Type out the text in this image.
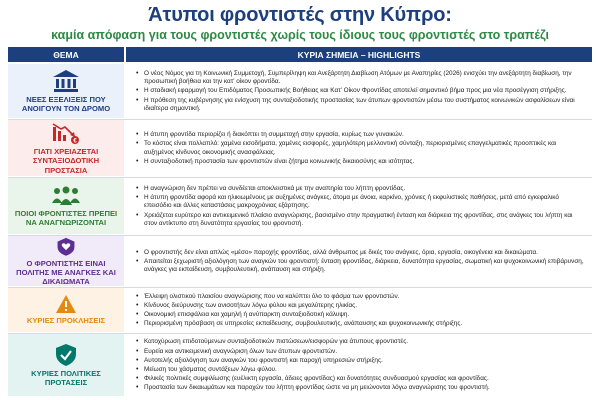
Άτυποι φροντιστές στην Κύπρο:
καμία απόφαση για τους φροντιστές χωρίς τους ίδιους τους φροντιστές στο τραπέζι
ΘΕΜΑ	ΚΥΡΙΑ ΣΗΜΕΙΑ – HIGHLIGHTS
ΝΕΕΣ ΕΞΕΛΙΞΕΙΣ ΠΟΥ ΑΝΟΙΓΟΥΝ ΤΟΝ ΔΡΟΜΟ
• Ο νέος Νόμος για τη Κοινωνική Συμμετοχή, Συμπερίληψη και Ανεξάρτητη Διαβίωση Ατόμων με Αναπηρίες (2026) ενισχύει την ανεξάρτητη διαβίωση, την προσωπική βοήθεια και την κατ' οίκον φροντίδα.
• Η σταδιακή εφαρμογή του Επιδόματος Προσωπικής Βοήθειας και Κατ' Οίκον Φροντίδας αποτελεί σημαντικό βήμα προς μια νέα προσέγγιση στήριξης.
• Η πρόθεση της κυβέρνησης για ενίσχυση της συνταξιοδοτικής προστασίας των άτυπων φροντιστών μέσω του συστήματος κοινωνικών ασφαλίσεων είναι ιδιαίτερα σημαντική.
€
ΓΙΑΤΙ ΧΡΕΙΑΖΕΤΑΙ ΣΥΝΤΑΞΙΟΔΟΤΙΚΗ ΠΡΟΣΤΑΣΙΑ
• Η άτυπη φροντίδα περιορίζει ή διακόπτει τη συμμετοχή στην εργασία, κυρίως των γυναικών.
• Το κόστος είναι πολλαπλό: χαμένα εισοδήματα, χαμένες εισφορές, χαμηλότερη μελλοντική σύνταξη, περιορισμένες επαγγελματικές προοπτικές και αυξημένος κίνδυνος οικονομικής ανασφάλειας.
• Η συνταξιοδοτική προστασία των φροντιστών είναι ζήτημα κοινωνικής δικαιοσύνης και ισότητας.
ΠΟΙΟΙ ΦΡΟΝΤΙΣΤΕΣ ΠΡΕΠΕΙ ΝΑ ΑΝΑΓΝΩΡΙΖΟΝΤΑΙ
• Η αναγνώριση δεν πρέπει να συνδέεται αποκλειστικά με την αναπηρία του λήπτη φροντίδας.
• Η άτυπη φροντίδα αφορά και ηλικιωμένους με αυξημένες ανάγκες, άτομα με άνοια, καρκίνο, χρόνιες ή εκφυλιστικές παθήσεις, μετά από εγκεφαλικό επεισόδιο και άλλες καταστάσεις μακροχρόνιας εξάρτησης.
• Χρειάζεται ευρύτερο και αντικειμενικό πλαίσιο αναγνώρισης, βασισμένο στην πραγματική ένταση και διάρκεια της φροντίδας, στις ανάγκες του λήπτη και στον αντίκτυπο στη δυνατότητα εργασίας του φροντιστή.
Ο ΦΡΟΝΤΙΣΤΗΣ ΕΙΝΑΙ ΠΟΛΙΤΗΣ ΜΕ ΑΝΑΓΚΕΣ ΚΑΙ ΔΙΚΑΙΩΜΑΤΑ
• Ο φροντιστής δεν είναι απλώς «μέσο» παροχής φροντίδας, αλλά άνθρωπος με δικές του ανάγκες, όρια, εργασία, οικογένεια και δικαιώματα.
• Απαιτείται ξεχωριστή αξιολόγηση των αναγκών του φροντιστή: ένταση φροντίδας, διάρκεια, δυνατότητα εργασίας, σωματική και ψυχοκοινωνική επιβάρυνση, ανάγκες για εκπαίδευση, συμβουλευτική, ανάπαυση και στήριξη.
ΚΥΡΙΕΣ ΠΡΟΚΛΗΣΕΙΣ
• Έλλειψη ολιστικού πλαισίου αναγνώρισης που να καλύπτει όλο το φάσμα των φροντιστών.
• Κίνδυνος διεύρυνσης των ανισοτήτων λόγω φύλου και μεγαλύτερης ηλικίας.
• Οικονομική επισφάλεια και χαμηλή ή ανύπαρκτη συνταξιοδοτική κάλυψη.
• Περιορισμένη πρόσβαση σε υπηρεσίες εκπαίδευσης, συμβουλευτικής, ανάπαυσης και ψυχοκοινωνικής στήριξης.
ΚΥΡΙΕΣ ΠΟΛΙΤΙΚΕΣ ΠΡΟΤΑΣΕΙΣ
• Κατοχύρωση επιδοτούμενων συνταξιοδοτικών πιστώσεων/εισφορών για άτυπους φροντιστές.
• Ευρεία και αντικειμενική αναγνώριση όλων των άτυπων φροντιστών.
• Αυτοτελής αξιολόγηση των αναγκών του φροντιστή και παροχή υπηρεσιών στήριξης.
• Μείωση του χάσματος συντάξεων λόγω φύλου.
• Φιλικές πολιτικές συμφιλίωσης (ευέλικτη εργασία, άδειες φροντίδας) και δυνατότητες συνδυασμού εργασίας και φροντίδας.
• Προστασία των δικαιωμάτων και παροχών του λήπτη φροντίδας ώστε να μη μειώνονται λόγω αναγνώρισης του φροντιστή.
